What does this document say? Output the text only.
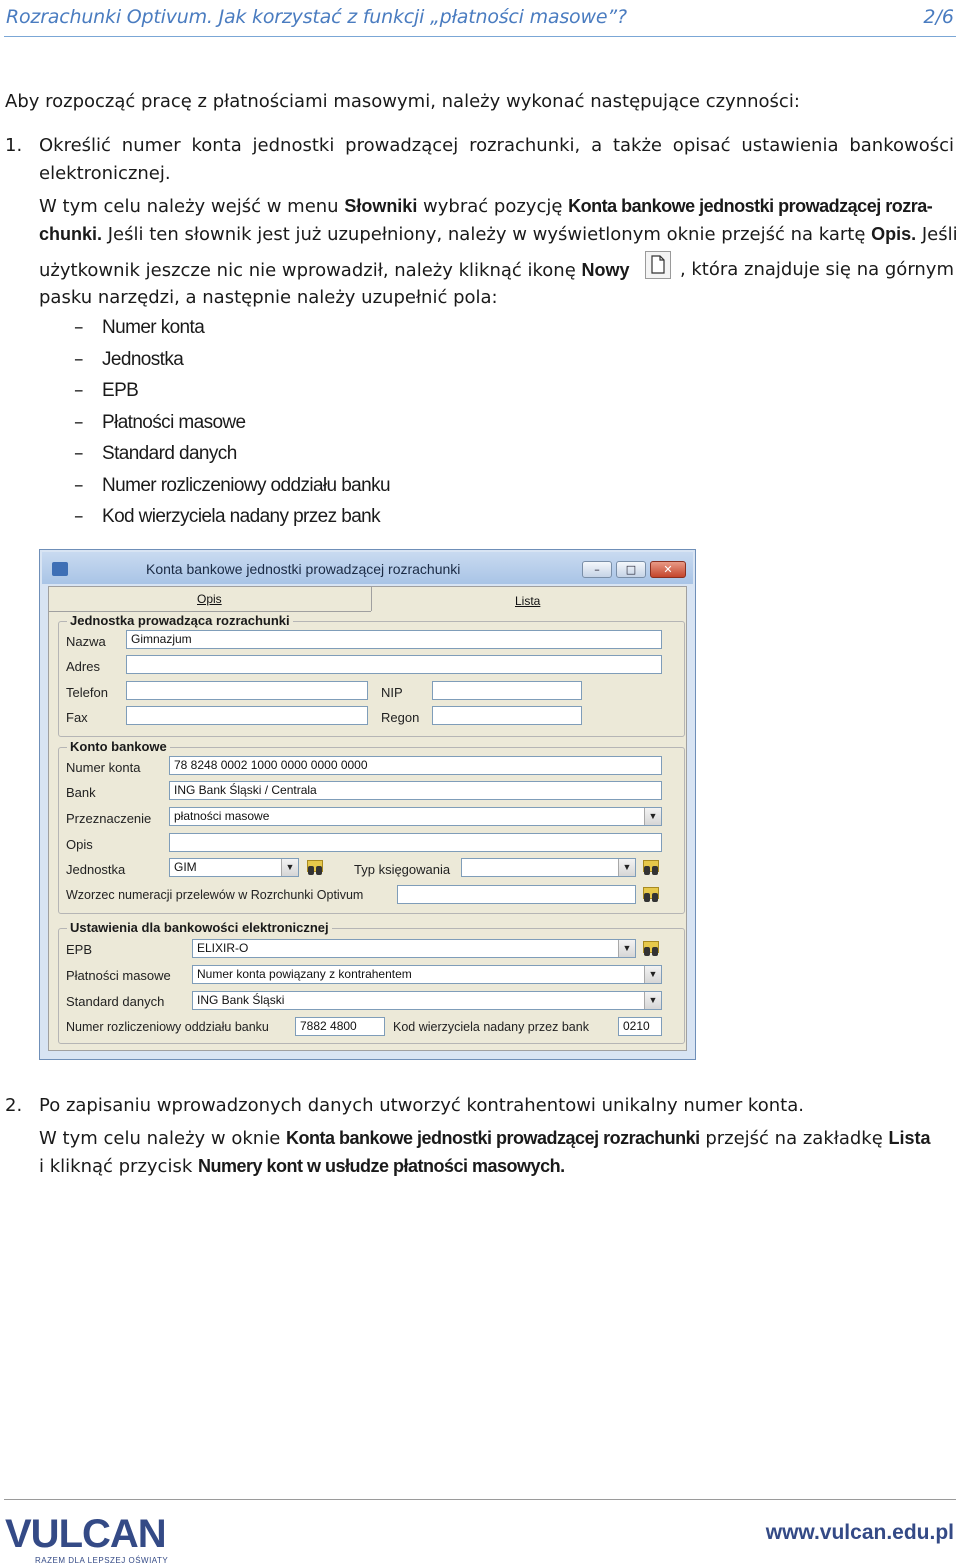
Rozrachunki Optivum. Jak korzystać z funkcji „płatności masowe”?	2/6
Aby rozpocząć pracę z płatnościami masowymi, należy wykonać następujące czynności:
1. Określić numer konta jednostki prowadzącej rozrachunki, a także opisać ustawienia bankowości
elektronicznej.
W tym celu należy wejść w menu Słowniki wybrać pozycję Konta bankowe jednostki prowadzącej rozra-
chunki. Jeśli ten słownik jest już uzupełniony, należy w wyświetlonym oknie przejść na kartę Opis. Jeśli
użytkownik jeszcze nic nie wprowadził, należy kliknąć ikonę Nowy	, która znajduje się na górnym
pasku narzędzi, a następnie należy uzupełnić pola:
– Numer konta
– Jednostka
– EPB
– Płatności masowe
– Standard danych
– Numer rozliczeniowy oddziału banku
– Kod wierzyciela nadany przez bank
Konta bankowe jednostki prowadzącej rozrachunki	–	□	✕
Opis	Lista
Jednostka prowadząca rozrachunki
Nazwa	Gimnazjum
Adres
Telefon	NIP
Fax	Regon
Konto bankowe
Numer konta	78 8248 0002 1000 0000 0000 0000
Bank	ING Bank Śląski / Centrala
Przeznaczenie	płatności masowe	▼
Opis
Jednostka	GIM	▼	Typ księgowania	▼
Wzorzec numeracji przelewów w Rozrchunki Optivum
Ustawienia dla bankowości elektronicznej
EPB	ELIXIR-O	▼
Płatności masowe	Numer konta powiązany z kontrahentem	▼
Standard danych	ING Bank Śląski	▼
Numer rozliczeniowy oddziału banku	7882 4800	Kod wierzyciela nadany przez bank	0210
2. Po zapisaniu wprowadzonych danych utworzyć kontrahentowi unikalny numer konta.
W tym celu należy w oknie Konta bankowe jednostki prowadzącej rozrachunki przejść na zakładkę Lista
i kliknąć przycisk Numery kont w usłudze płatności masowych.
VULCAN
RAZEM DLA LEPSZEJ OŚWIATY
www.vulcan.edu.pl
